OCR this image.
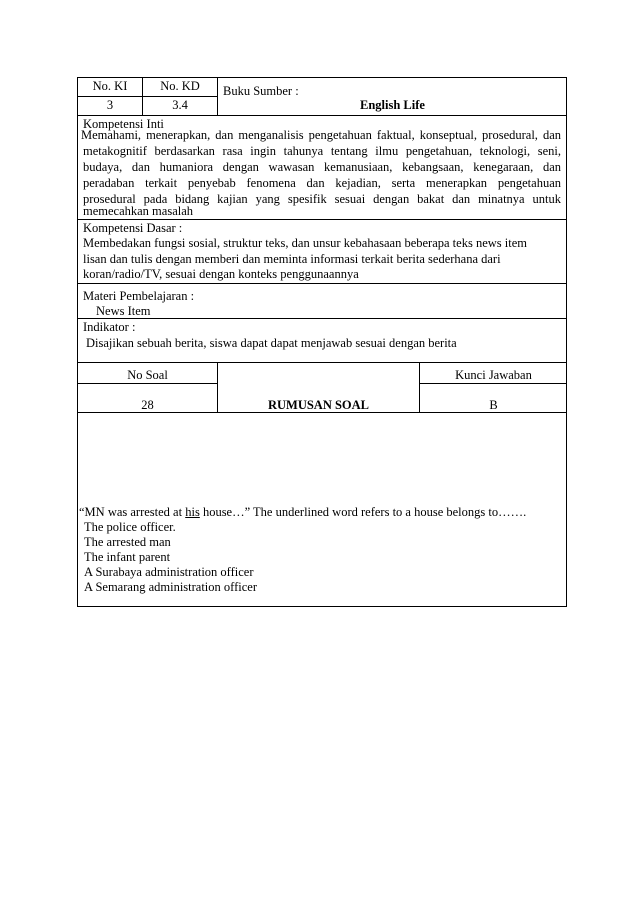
No. KI	No. KD	Buku Sumber :
3	3.4	English Life
Kompetensi Inti
Memahami, menerapkan, dan menganalisis pengetahuan faktual, konseptual, prosedural, dan
metakognitif berdasarkan rasa ingin tahunya tentang ilmu pengetahuan, teknologi, seni,
budaya, dan humaniora dengan wawasan kemanusiaan, kebangsaan, kenegaraan, dan
peradaban terkait penyebab fenomena dan kejadian, serta menerapkan pengetahuan
prosedural pada bidang kajian yang spesifik sesuai dengan bakat dan minatnya untuk
memecahkan masalah
Kompetensi Dasar :
Membedakan fungsi sosial, struktur teks, dan unsur kebahasaan beberapa teks news item
lisan dan tulis dengan memberi dan meminta informasi terkait berita sederhana dari
koran/radio/TV, sesuai dengan konteks penggunaannya
Materi Pembelajaran :
News Item
Indikator :
Disajikan sebuah berita, siswa dapat dapat menjawab sesuai dengan berita
No Soal	Kunci Jawaban
28	RUMUSAN SOAL	B
“MN was arrested at his house…” The underlined word refers to a house belongs to…….
The police officer.
The arrested man
The infant parent
A Surabaya administration officer
A Semarang administration officer
